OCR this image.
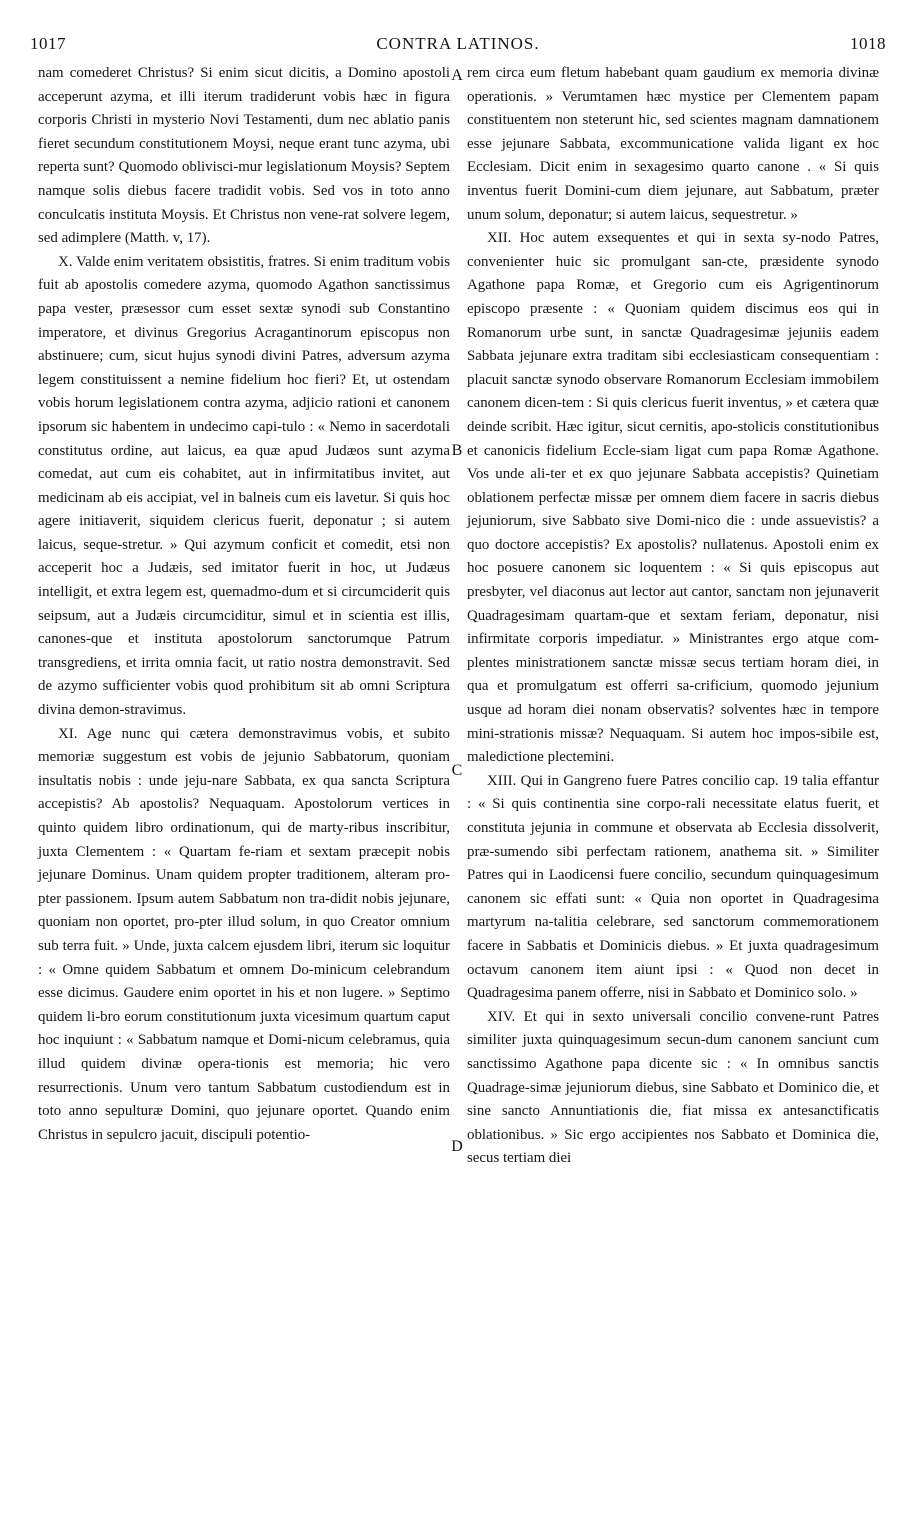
1017	CONTRA LATINOS.	1018
A
B
C
D

nam comederet Christus? Si enim sicut dicitis, a Domino apostoli acceperunt azyma, et illi iterum tradiderunt vobis hæc in figura corporis Christi in mysterio Novi Testamenti, dum nec ablatio panis fieret secundum constitutionem Moysi, neque erant tunc azyma, ubi reperta sunt? Quomodo oblivisci-mur legislationum Moysis? Septem namque solis diebus facere tradidit vobis. Sed vos in toto anno conculcatis instituta Moysis. Et Christus non vene-rat solvere legem, sed adimplere (Matth. v, 17).

X. Valde enim veritatem obsistitis, fratres. Si enim traditum vobis fuit ab apostolis comedere azyma, quomodo Agathon sanctissimus papa vester, præsessor cum esset sextæ synodi sub Constantino imperatore, et divinus Gregorius Acragantinorum episcopus non abstinuere; cum, sicut hujus synodi divini Patres, adversum azyma legem constituissent a nemine fidelium hoc fieri? Et, ut ostendam vobis horum legislationem contra azyma, adjicio rationi et canonem ipsorum sic habentem in undecimo capi-tulo : « Nemo in sacerdotali constitutus ordine, aut laicus, ea quæ apud Judæos sunt azyma comedat, aut cum eis cohabitet, aut in infirmitatibus invitet, aut medicinam ab eis accipiat, vel in balneis cum eis lavetur. Si quis hoc agere initiaverit, siquidem clericus fuerit, deponatur ; si autem laicus, seque-stretur. » Qui azymum conficit et comedit, etsi non acceperit hoc a Judæis, sed imitator fuerit in hoc, ut Judæus intelligit, et extra legem est, quemadmo-dum et si circumciderit quis seipsum, aut a Judæis circumciditur, simul et in scientia est illis, canones-que et instituta apostolorum sanctorumque Patrum transgrediens, et irrita omnia facit, ut ratio nostra demonstravit. Sed de azymo sufficienter vobis quod prohibitum sit ab omni Scriptura divina demon-stravimus.

XI. Age nunc qui cætera demonstravimus vobis, et subito memoriæ suggestum est vobis de jejunio Sabbatorum, quoniam insultatis nobis : unde jeju-nare Sabbata, ex qua sancta Scriptura accepistis? Ab apostolis? Nequaquam. Apostolorum vertices in quinto quidem libro ordinationum, qui de marty-ribus inscribitur, juxta Clementem : « Quartam fe-riam et sextam præcepit nobis jejunare Dominus. Unam quidem propter traditionem, alteram pro-pter passionem. Ipsum autem Sabbatum non tra-didit nobis jejunare, quoniam non oportet, pro-pter illud solum, in quo Creator omnium sub terra fuit. » Unde, juxta calcem ejusdem libri, iterum sic loquitur : « Omne quidem Sabbatum et omnem Do-minicum celebrandum esse dicimus. Gaudere enim oportet in his et non lugere. » Septimo quidem li-bro eorum constitutionum juxta vicesimum quartum caput hoc inquiunt : « Sabbatum namque et Domi-nicum celebramus, quia illud quidem divinæ opera-tionis est memoria; hic vero resurrectionis. Unum vero tantum Sabbatum custodiendum est in toto anno sepulturæ Domini, quo jejunare oportet. Quando enim Christus in sepulcro jacuit, discipuli potentio-

rem circa eum fletum habebant quam gaudium ex memoria divinæ operationis. » Verumtamen hæc mystice per Clementem papam constituentem non steterunt hic, sed scientes magnam damnationem esse jejunare Sabbata, excommunicatione valida ligant ex hoc Ecclesiam. Dicit enim in sexagesimo quarto canone . « Si quis inventus fuerit Domini-cum diem jejunare, aut Sabbatum, præter unum solum, deponatur; si autem laicus, sequestretur. »

XII. Hoc autem exsequentes et qui in sexta sy-nodo Patres, convenienter huic sic promulgant san-cte, præsidente synodo Agathone papa Romæ, et Gregorio cum eis Agrigentinorum episcopo præsente : « Quoniam quidem discimus eos qui in Romanorum urbe sunt, in sanctæ Quadragesimæ jejuniis eadem Sabbata jejunare extra traditam sibi ecclesiasticam consequentiam : placuit sanctæ synodo observare Romanorum Ecclesiam immobilem canonem dicen-tem : Si quis clericus fuerit inventus, » et cætera quæ deinde scribit. Hæc igitur, sicut cernitis, apo-stolicis constitutionibus et canonicis fidelium Eccle-siam ligat cum papa Romæ Agathone. Vos unde ali-ter et ex quo jejunare Sabbata accepistis? Quinetiam oblationem perfectæ missæ per omnem diem facere in sacris diebus jejuniorum, sive Sabbato sive Domi-nico die : unde assuevistis? a quo doctore accepistis? Ex apostolis? nullatenus. Apostoli enim ex hoc posuere canonem sic loquentem : « Si quis episcopus aut presbyter, vel diaconus aut lector aut cantor, sanctam non jejunaverit Quadragesimam quartam-que et sextam feriam, deponatur, nisi infirmitate corporis impediatur. » Ministrantes ergo atque com-plentes ministrationem sanctæ missæ secus tertiam horam diei, in qua et promulgatum est offerri sa-crificium, quomodo jejunium usque ad horam diei nonam observatis? solventes hæc in tempore mini-strationis missæ? Nequaquam. Si autem hoc impos-sibile est, maledictione plectemini.

XIII. Qui in Gangreno fuere Patres concilio cap. 19 talia effantur : « Si quis continentia sine corpo-rali necessitate elatus fuerit, et constituta jejunia in commune et observata ab Ecclesia dissolverit, præ-sumendo sibi perfectam rationem, anathema sit. » Similiter Patres qui in Laodicensi fuere concilio, secundum quinquagesimum canonem sic effati sunt: « Quia non oportet in Quadragesima martyrum na-talitia celebrare, sed sanctorum commemorationem facere in Sabbatis et Dominicis diebus. » Et juxta quadragesimum octavum canonem item aiunt ipsi : « Quod non decet in Quadragesima panem offerre, nisi in Sabbato et Dominico solo. »

XIV. Et qui in sexto universali concilio convene-runt Patres similiter juxta quinquagesimum secun-dum canonem sanciunt cum sanctissimo Agathone papa dicente sic : « In omnibus sanctis Quadrage-simæ jejuniorum diebus, sine Sabbato et Dominico die, et sine sancto Annuntiationis die, fiat missa ex antesanctificatis oblationibus. » Sic ergo accipientes nos Sabbato et Dominica die, secus tertiam diei
